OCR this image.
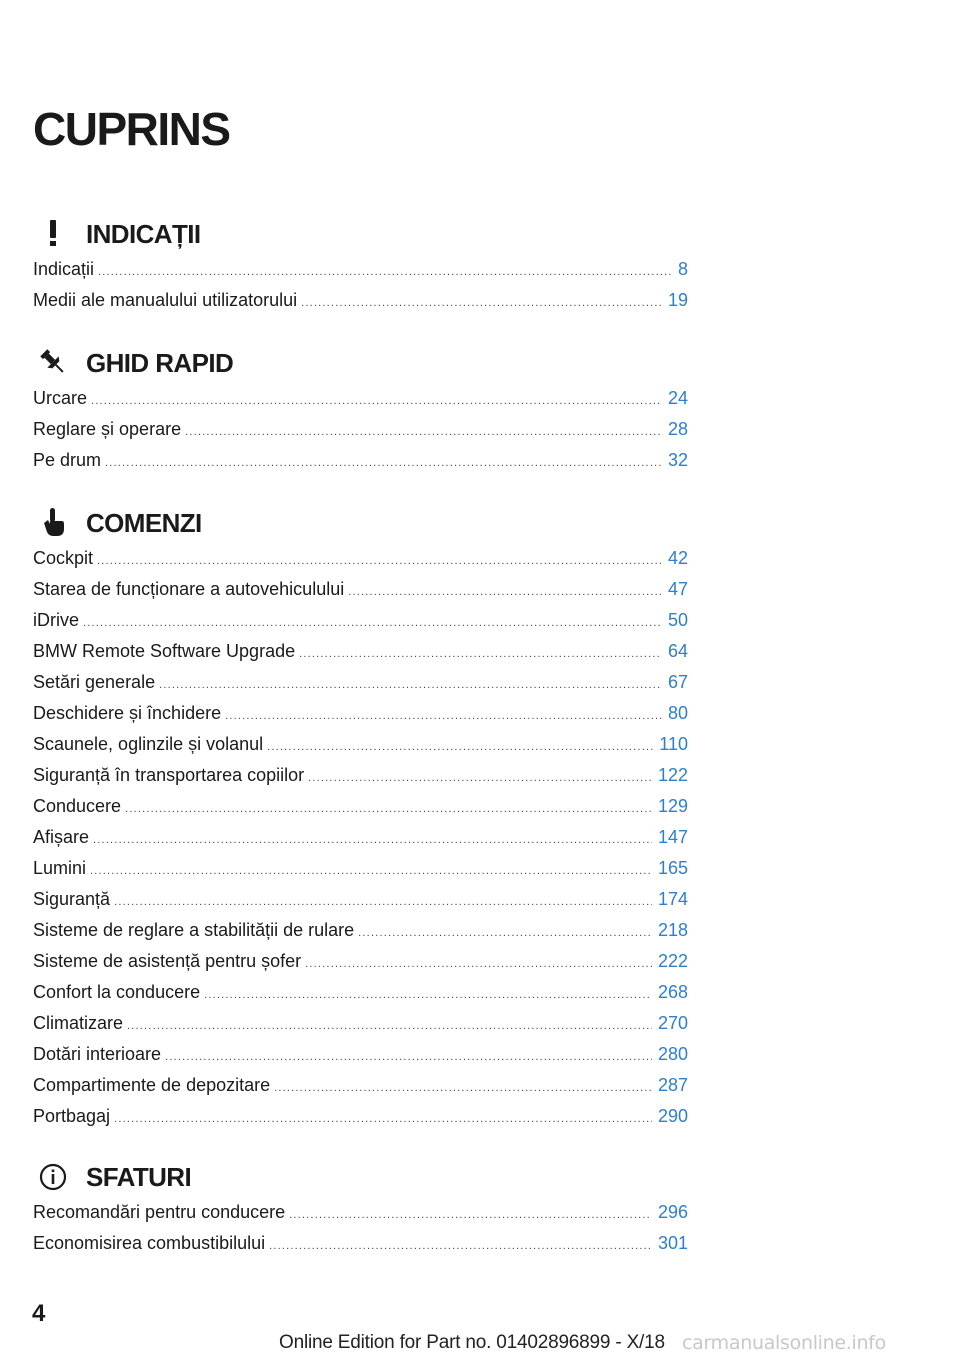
CUPRINS
INDICAȚII
Indicații .....	8
Medii ale manualului utilizatorului .....	19
GHID RAPID
Urcare .....	24
Reglare și operare .....	28
Pe drum .....	32
COMENZI
Cockpit .....	42
Starea de funcționare a autovehiculului .....	47
iDrive .....	50
BMW Remote Software Upgrade .....	64
Setări generale .....	67
Deschidere și închidere .....	80
Scaunele, oglinzile și volanul .....	110
Siguranță în transportarea copiilor .....	122
Conducere .....	129
Afișare .....	147
Lumini .....	165
Siguranță .....	174
Sisteme de reglare a stabilității de rulare .....	218
Sisteme de asistență pentru șofer .....	222
Confort la conducere .....	268
Climatizare .....	270
Dotări interioare .....	280
Compartimente de depozitare .....	287
Portbagaj .....	290
SFATURI
Recomandări pentru conducere .....	296
Economisirea combustibilului .....	301
4
Online Edition for Part no. 01402896899 - X/18 carmanualsonline.info
